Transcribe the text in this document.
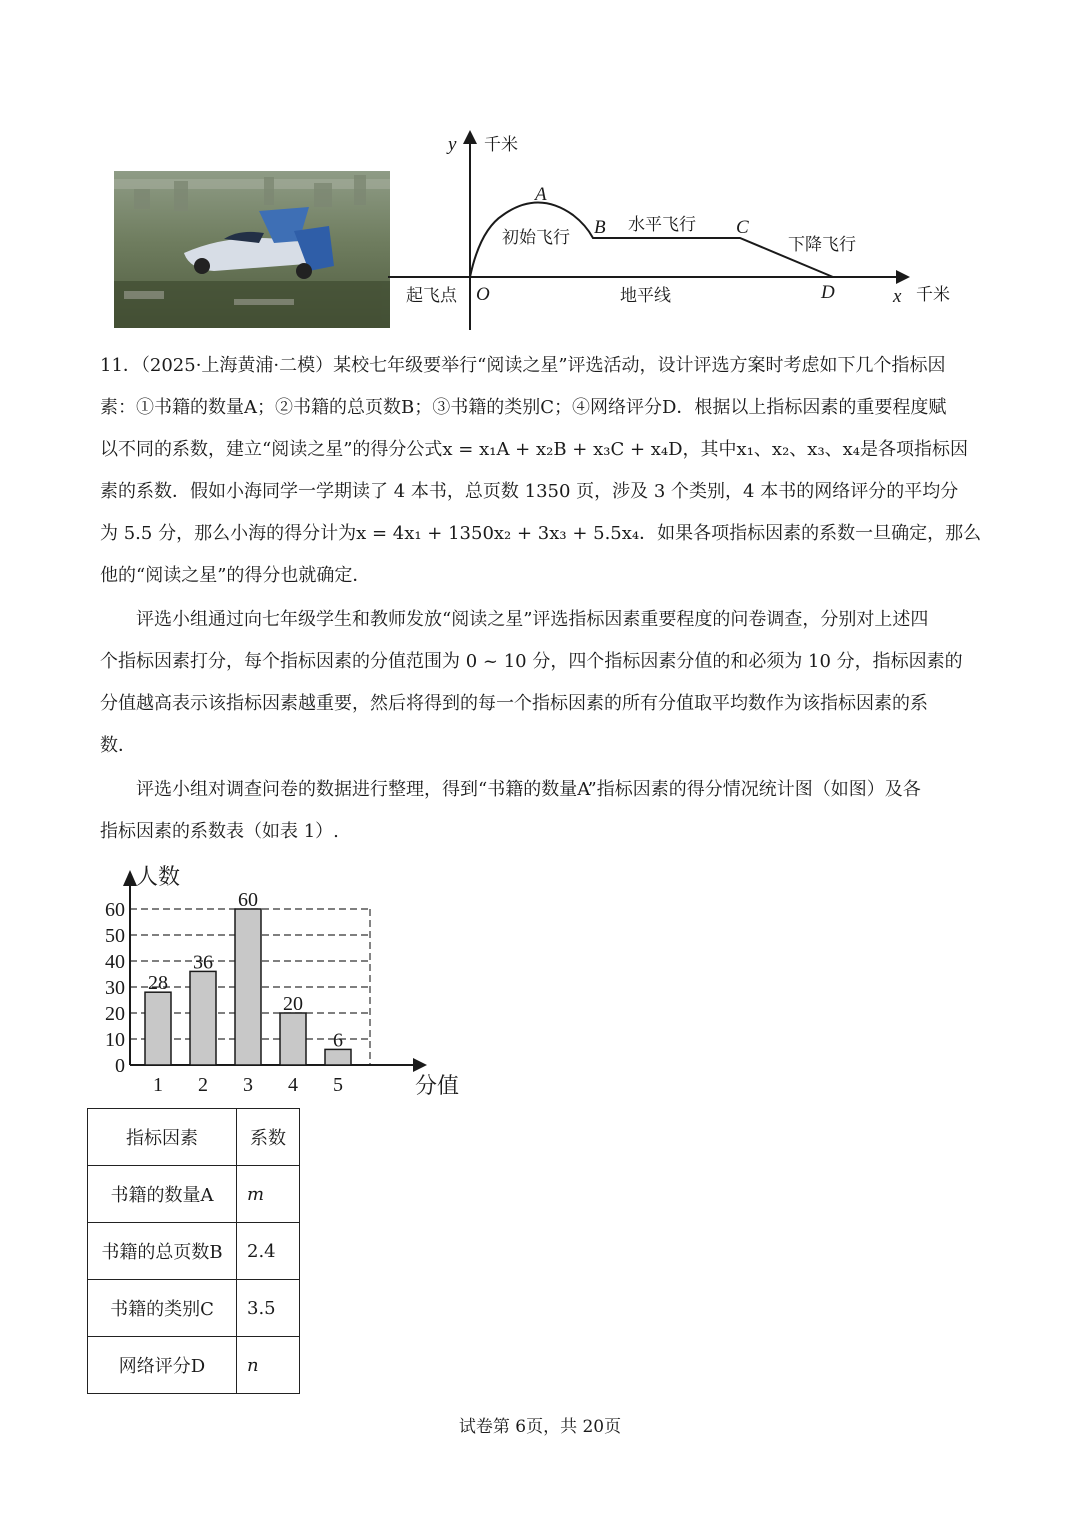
y 千米
x 千米
O
起飞点	地平线
A
B	C
D
初始飞行
水平飞行
下降飞行
11．（2025·上海黄浦·二模）某校七年级要举行“阅读之星”评选活动，设计评选方案时考虑如下几个指标因
素：①书籍的数量A；②书籍的总页数B；③书籍的类别C；④网络评分D．根据以上指标因素的重要程度赋
以不同的系数，建立“阅读之星”的得分公式x = x₁A + x₂B + x₃C + x₄D，其中x₁、x₂、x₃、x₄是各项指标因
素的系数．假如小海同学一学期读了 4 本书，总页数 1350 页，涉及 3 个类别，4 本书的网络评分的平均分
为 5.5 分，那么小海的得分计为x = 4x₁ + 1350x₂ + 3x₃ + 5.5x₄．如果各项指标因素的系数一旦确定，那么
他的“阅读之星”的得分也就确定．
评选小组通过向七年级学生和教师发放“阅读之星”评选指标因素重要程度的问卷调查，分别对上述四
个指标因素打分，每个指标因素的分值范围为 0 ~ 10 分，四个指标因素分值的和必须为 10 分，指标因素的
分值越高表示该指标因素越重要，然后将得到的每一个指标因素的所有分值取平均数作为该指标因素的系
数．
评选小组对调查问卷的数据进行整理，得到“书籍的数量A”指标因素的得分情况统计图（如图）及各
指标因素的系数表（如表 1）.
人数
分值
0
10
20
30
40
50
60
28
1
36
2
60
3
20
4
6
5
指标因素	系数
书籍的数量A	m
书籍的总页数B	2.4
书籍的类别C	3.5
网络评分D	n
试卷第 6页，共 20页
